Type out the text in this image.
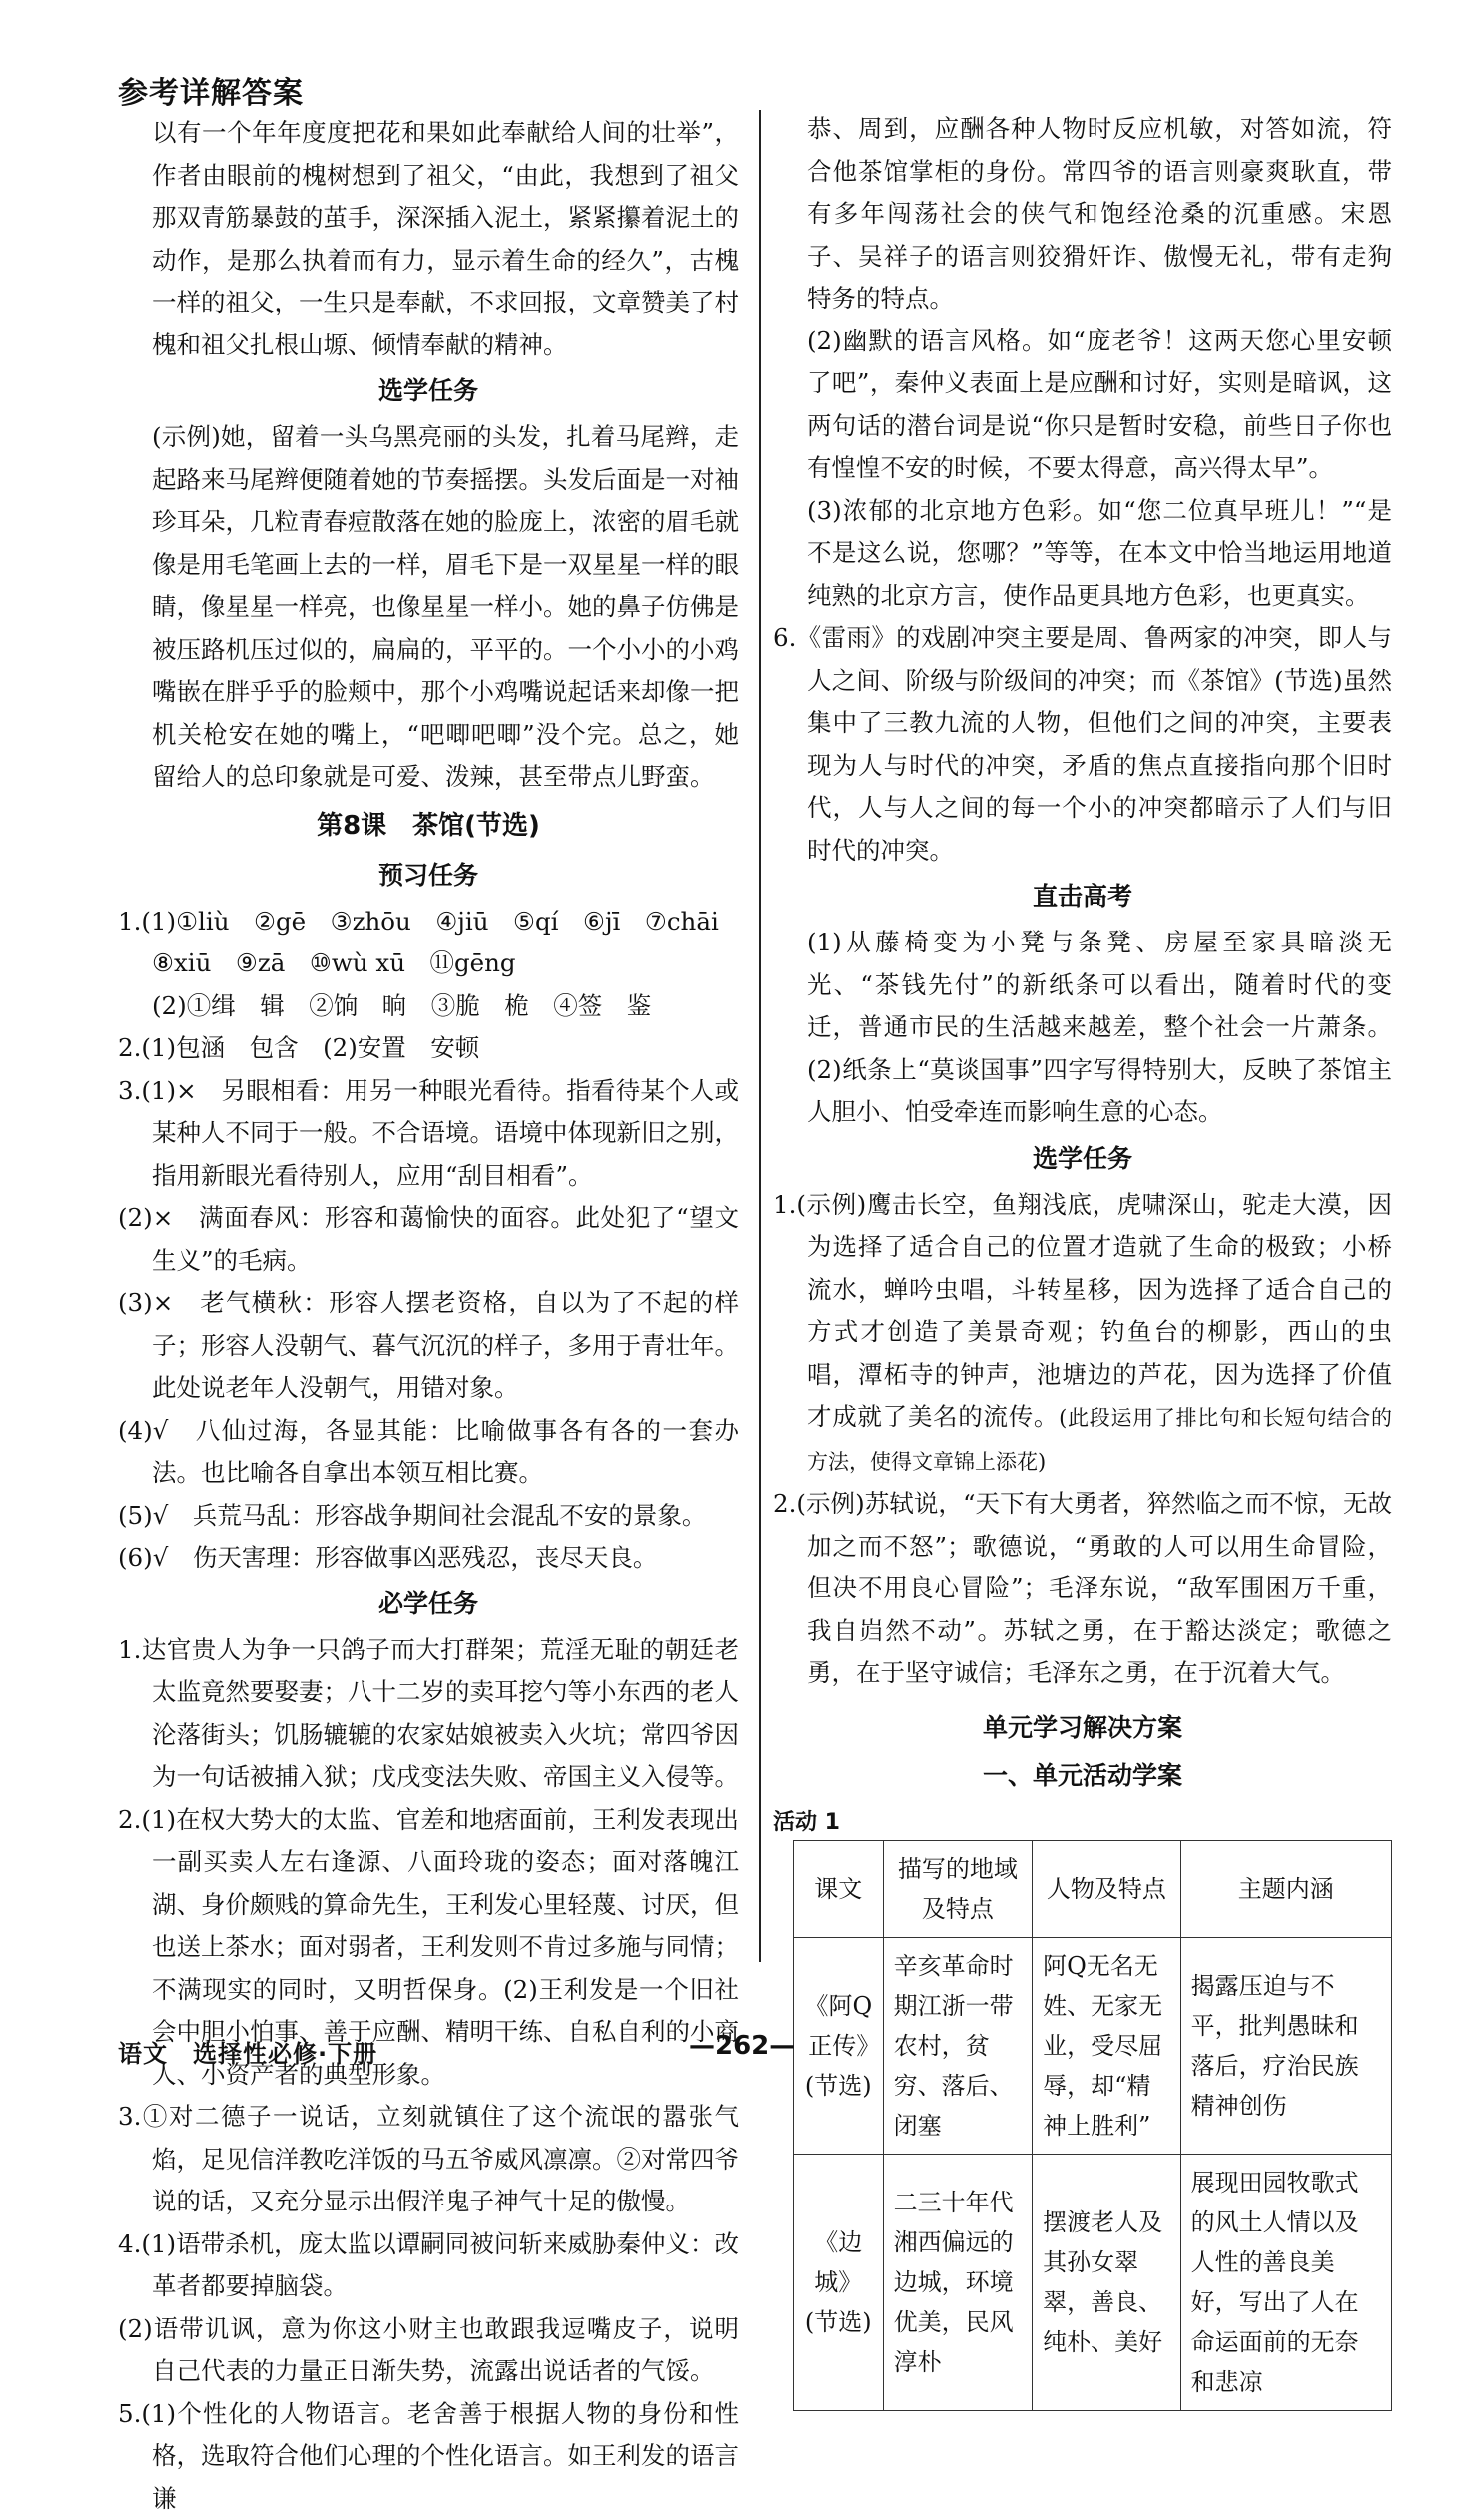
参考详解答案

以有一个年年度度把花和果如此奉献给人间的壮举”，作者由眼前的槐树想到了祖父，“由此，我想到了祖父那双青筋暴鼓的茧手，深深插入泥土，紧紧攥着泥土的动作，是那么执着而有力，显示着生命的经久”，古槐一样的祖父，一生只是奉献，不求回报，文章赞美了村槐和祖父扎根山塬、倾情奉献的精神。

选学任务

(示例)她，留着一头乌黑亮丽的头发，扎着马尾辫，走起路来马尾辫便随着她的节奏摇摆。头发后面是一对袖珍耳朵，几粒青春痘散落在她的脸庞上，浓密的眉毛就像是用毛笔画上去的一样，眉毛下是一双星星一样的眼睛，像星星一样亮，也像星星一样小。她的鼻子仿佛是被压路机压过似的，扁扁的，平平的。一个小小的小鸡嘴嵌在胖乎乎的脸颊中，那个小鸡嘴说起话来却像一把机关枪安在她的嘴上，“吧唧吧唧”没个完。总之，她留给人的总印象就是可爱、泼辣，甚至带点儿野蛮。

第8课　茶馆(节选)
预习任务

1.(1)①liù　②gē　③zhōu　④jiū　⑤qí　⑥jī　⑦chāi

⑧xiū　⑨zā　⑩wù xū　⑪gēng

(2)①缉　辑　②饷　晌　③脆　桅　④签　鉴

2.(1)包涵　包含　(2)安置　安顿

3.(1)×　另眼相看：用另一种眼光看待。指看待某个人或某种人不同于一般。不合语境。语境中体现新旧之别，指用新眼光看待别人，应用“刮目相看”。

(2)×　满面春风：形容和蔼愉快的面容。此处犯了“望文生义”的毛病。

(3)×　老气横秋：形容人摆老资格，自以为了不起的样子；形容人没朝气、暮气沉沉的样子，多用于青壮年。此处说老年人没朝气，用错对象。

(4)√　八仙过海，各显其能：比喻做事各有各的一套办法。也比喻各自拿出本领互相比赛。

(5)√　兵荒马乱：形容战争期间社会混乱不安的景象。

(6)√　伤天害理：形容做事凶恶残忍，丧尽天良。

必学任务

1.达官贵人为争一只鸽子而大打群架；荒淫无耻的朝廷老太监竟然要娶妻；八十二岁的卖耳挖勺等小东西的老人沦落街头；饥肠辘辘的农家姑娘被卖入火坑；常四爷因为一句话被捕入狱；戊戌变法失败、帝国主义入侵等。

2.(1)在权大势大的太监、官差和地痞面前，王利发表现出一副买卖人左右逢源、八面玲珑的姿态；面对落魄江湖、身价颇贱的算命先生，王利发心里轻蔑、讨厌，但也送上茶水；面对弱者，王利发则不肯过多施与同情；不满现实的同时，又明哲保身。(2)王利发是一个旧社会中胆小怕事、善于应酬、精明干练、自私自利的小商人、小资产者的典型形象。

3.①对二德子一说话，立刻就镇住了这个流氓的嚣张气焰，足见信洋教吃洋饭的马五爷威风凛凛。②对常四爷说的话，又充分显示出假洋鬼子神气十足的傲慢。

4.(1)语带杀机，庞太监以谭嗣同被问斩来威胁秦仲义：改革者都要掉脑袋。

(2)语带讥讽，意为你这小财主也敢跟我逗嘴皮子，说明自己代表的力量正日渐失势，流露出说话者的气馁。

5.(1)个性化的人物语言。老舍善于根据人物的身份和性格，选取符合他们心理的个性化语言。如王利发的语言谦

恭、周到，应酬各种人物时反应机敏，对答如流，符合他茶馆掌柜的身份。常四爷的语言则豪爽耿直，带有多年闯荡社会的侠气和饱经沧桑的沉重感。宋恩子、吴祥子的语言则狡猾奸诈、傲慢无礼，带有走狗特务的特点。

(2)幽默的语言风格。如“庞老爷！这两天您心里安顿了吧”，秦仲义表面上是应酬和讨好，实则是暗讽，这两句话的潜台词是说“你只是暂时安稳，前些日子你也有惶惶不安的时候，不要太得意，高兴得太早”。

(3)浓郁的北京地方色彩。如“您二位真早班儿！”“是不是这么说，您哪？”等等，在本文中恰当地运用地道纯熟的北京方言，使作品更具地方色彩，也更真实。

6.《雷雨》的戏剧冲突主要是周、鲁两家的冲突，即人与人之间、阶级与阶级间的冲突；而《茶馆》(节选)虽然集中了三教九流的人物，但他们之间的冲突，主要表现为人与时代的冲突，矛盾的焦点直接指向那个旧时代，人与人之间的每一个小的冲突都暗示了人们与旧时代的冲突。

直击高考

(1)从藤椅变为小凳与条凳、房屋至家具暗淡无光、“茶钱先付”的新纸条可以看出，随着时代的变迁，普通市民的生活越来越差，整个社会一片萧条。(2)纸条上“莫谈国事”四字写得特别大，反映了茶馆主人胆小、怕受牵连而影响生意的心态。

选学任务

1.(示例)鹰击长空，鱼翔浅底，虎啸深山，驼走大漠，因为选择了适合自己的位置才造就了生命的极致；小桥流水，蝉吟虫唱，斗转星移，因为选择了适合自己的方式才创造了美景奇观；钓鱼台的柳影，西山的虫唱，潭柘寺的钟声，池塘边的芦花，因为选择了价值才成就了美名的流传。(此段运用了排比句和长短句结合的方法，使得文章锦上添花)

2.(示例)苏轼说，“天下有大勇者，猝然临之而不惊，无故加之而不怒”；歌德说，“勇敢的人可以用生命冒险，但决不用良心冒险”；毛泽东说，“敌军围困万千重，我自岿然不动”。苏轼之勇，在于豁达淡定；歌德之勇，在于坚守诚信；毛泽东之勇，在于沉着大气。

单元学习解决方案
一、单元活动学案
活动 1
课文	描写的地域及特点	人物及特点	主题内涵
《阿Q正传》(节选)	辛亥革命时期江浙一带农村，贫穷、落后、闭塞	阿Q无名无姓、无家无业，受尽屈辱，却“精神上胜利”	揭露压迫与不平，批判愚昧和落后，疗治民族精神创伤
《边城》(节选)	二三十年代湘西偏远的边城，环境优美，民风淳朴	摆渡老人及其孙女翠翠，善良、纯朴、美好	展现田园牧歌式的风土人情以及人性的善良美好，写出了人在命运面前的无奈和悲凉
语文　选择性必修·下册	—262—
